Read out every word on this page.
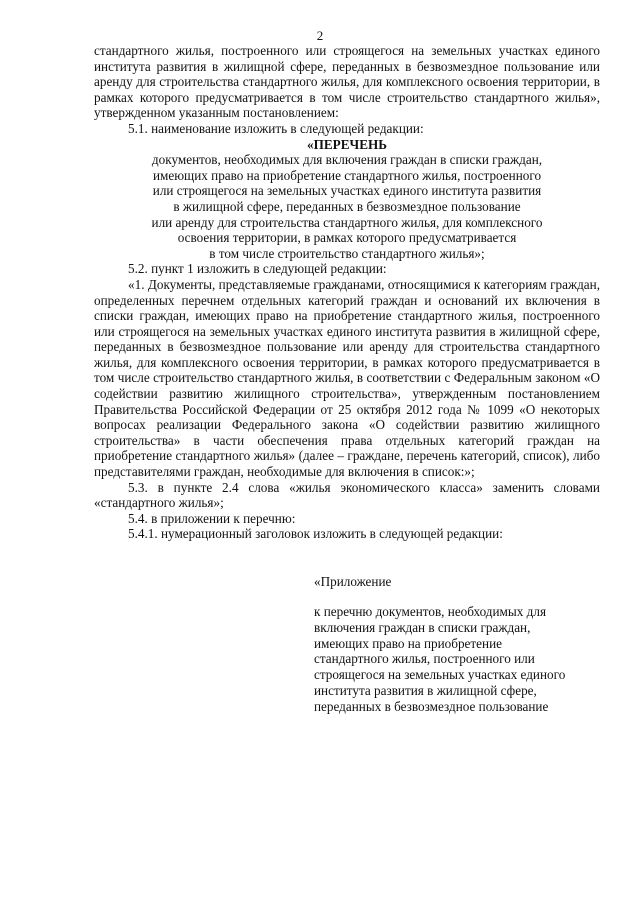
2

стандартного жилья, построенного или строящегося на земельных участках единого института развития в жилищной сфере, переданных в безвозмездное пользование или аренду для строительства стандартного жилья, для комплексного освоения территории, в рамках которого предусматривается в том числе строительство стандартного жилья», утвержденном указанным постановлением:

5.1. наименование изложить в следующей редакции:

«ПЕРЕЧЕНЬ

документов, необходимых для включения граждан в списки граждан,

имеющих право на приобретение стандартного жилья, построенного

или строящегося на земельных участках единого института развития

в жилищной сфере, переданных в безвозмездное пользование

или аренду для строительства стандартного жилья, для комплексного

освоения территории, в рамках которого предусматривается

в том числе строительство стандартного жилья»;

5.2. пункт 1 изложить в следующей редакции:

«1. Документы, представляемые гражданами, относящимися к категориям граждан, определенных перечнем отдельных категорий граждан и оснований их включения в списки граждан, имеющих право на приобретение стандартного жилья, построенного или строящегося на земельных участках единого института развития в жилищной сфере, переданных в безвозмездное пользование или аренду для строительства стандартного жилья, для комплексного освоения территории, в рамках которого предусматривается в том числе строительство стандартного жилья, в соответствии с Федеральным законом «О содействии развитию жилищного строительства», утвержденным постановлением Правительства Российской Федерации от 25 октября 2012 года № 1099 «О некоторых вопросах реализации Федерального закона «О содействии развитию жилищного строительства» в части обеспечения права отдельных категорий граждан на приобретение стандартного жилья» (далее – граждане, перечень категорий, список), либо представителями граждан, необходимые для включения в список:»;

5.3. в пункте 2.4 слова «жилья экономического класса» заменить словами «стандартного жилья»;

5.4. в приложении к перечню:

5.4.1. нумерационный заголовок изложить в следующей редакции:

«Приложение
к перечню документов, необходимых для
включения граждан в списки граждан,
имеющих право на приобретение
стандартного жилья, построенного или
строящегося на земельных участках единого
института развития в жилищной сфере,
переданных в безвозмездное пользование
